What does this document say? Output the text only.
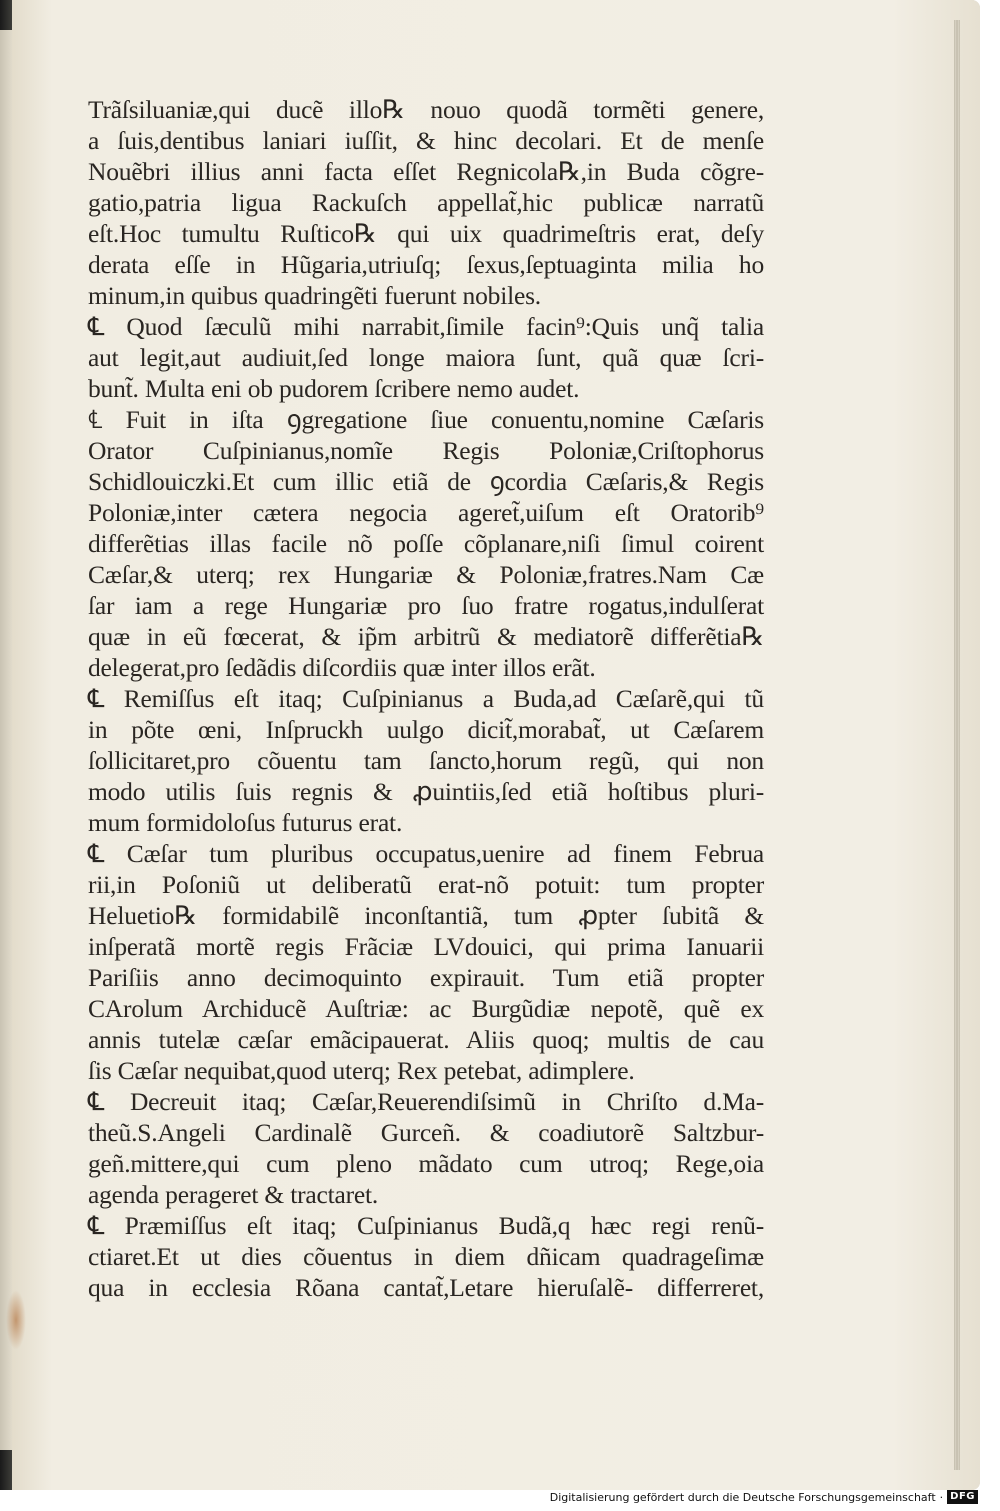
Trãſsiluaniæ,qui ducẽ illo℞ nouo quodã tormẽti genere,
a ſuis,dentibus laniari iuſſit, & hinc decolari. Et de menſe
Nouẽbri illius anni facta eſſet Regnicola℞,in Buda cõgre-
gatio,patria ligua Rackuſch appellat̃,hic publicæ narratũ
eſt.Hoc tumultu Ruſtico℞ qui uix quadrimeſtris erat, deſy
derata eſſe in Hũgaria,utriuſq; ſexus,ſeptuaginta milia ho
minum,in quibus quadringẽti fuerunt nobiles.
℄ Quod ſæculũ mihi narrabit,ſimile facin⁹:Quis unq̃ talia
aut legit,aut audiuit,ſed longe maiora ſunt, quã quæ ſcri-
bunt̃. Multa eni ob pudorem ſcribere nemo audet.
℄ Fuit in iſta ꝯgregatione ſiue conuentu,nomine Cæſaris
Orator Cuſpinianus,nomĩe Regis Poloniæ,Criſtophorus
Schidlouiczki.Et cum illic etiã de ꝯcordia Cæſaris,& Regis
Poloniæ,inter cætera negocia ageret̃,uiſum eſt Oratorib⁹
differẽtias illas facile nõ poſſe cõplanare,niſi ſimul coirent
Cæſar,& uterq; rex Hungariæ & Poloniæ,fratres.Nam Cæ
ſar iam a rege Hungariæ pro ſuo fratre rogatus,indulſerat
quæ in eũ fœcerat, & ip̃m arbitrũ & mediatorẽ differẽtia℞
delegerat,pro ſedãdis diſcordiis quæ inter illos erãt.
℄ Remiſſus eſt itaq; Cuſpinianus a Buda,ad Cæſarẽ,qui tũ
in põte œni, Inſpruckh uulgo dicit̃,morabat̃, ut Cæſarem
ſollicitaret,pro cõuentu tam ſancto,horum regũ, qui non
modo utilis ſuis regnis & ꝓuintiis,ſed etiã hoſtibus pluri-
mum formidoloſus futurus erat.
℄ Cæſar tum pluribus occupatus,uenire ad finem Februa
rii,in Poſoniũ ut deliberatũ erat-nõ potuit: tum propter
Heluetio℞ formidabilẽ inconſtantiã, tum ꝓpter ſubitã &
inſperatã mortẽ regis Frãciæ LVdouici, qui prima Ianuarii
Pariſiis anno decimoquinto expirauit. Tum etiã propter
CArolum Archiducẽ Auſtriæ: ac Burgũdiæ nepotẽ, quẽ ex
annis tutelæ cæſar emãcipauerat. Aliis quoq; multis de cau
ſis Cæſar nequibat,quod uterq; Rex petebat, adimplere.
℄ Decreuit itaq; Cæſar,Reuerendiſsimũ in Chriſto d.Ma-
theũ.S.Angeli Cardinalẽ Gurceñ. & coadiutorẽ Saltzbur-
geñ.mittere,qui cum pleno mãdato cum utroq; Rege,oia
agenda perageret & tractaret.
℄ Præmiſſus eſt itaq; Cuſpinianus Budã,q hæc regi renũ-
ctiaret.Et ut dies cõuentus in diem dñicam quadrageſimæ
qua in ecclesia Rõana cantat̃,Letare hieruſalẽ- differreret,
Digitalisierung gefördert durch die Deutsche Forschungsgemeinschaft · DFG
